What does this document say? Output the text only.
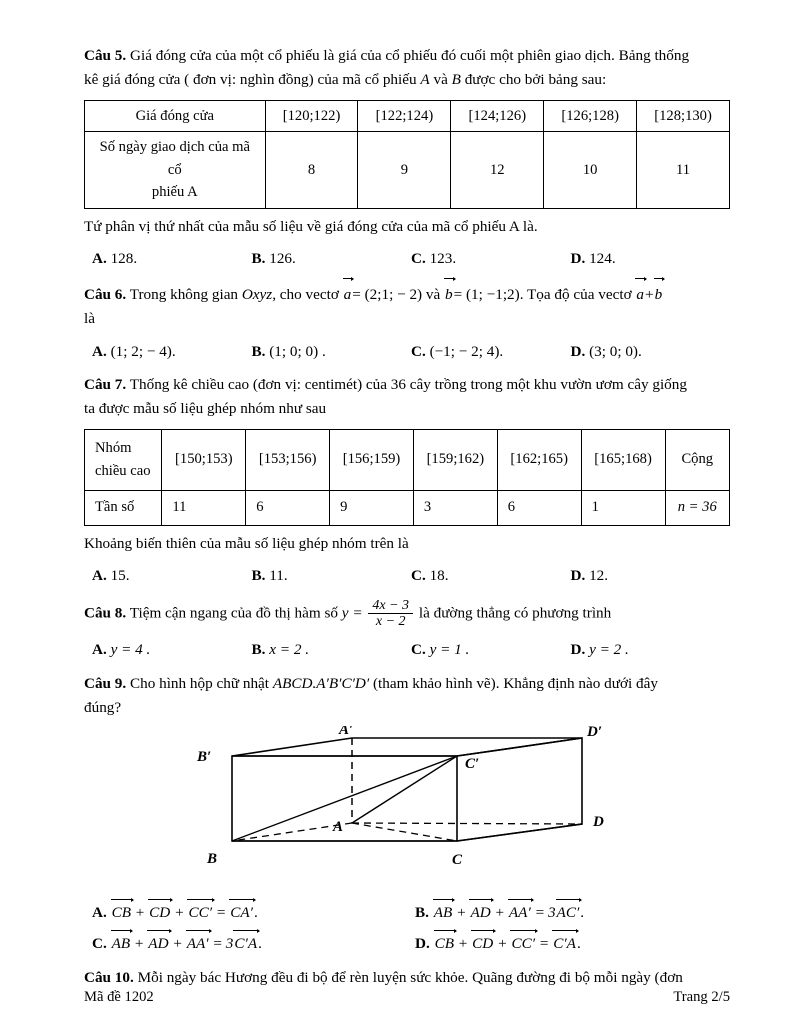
Câu 5. Giá đóng cửa của một cổ phiếu là giá của cổ phiếu đó cuối một phiên giao dịch. Bảng thống
kê giá đóng cửa ( đơn vị: nghìn đồng) của mã cổ phiếu A và B được cho bởi bảng sau:
Giá đóng cửa	[120;122)	[122;124)	[124;126)	[126;128)	[128;130)
Số ngày giao dịch của mã cổ
phiếu A	8	9	12	10	11
Tứ phân vị thứ nhất của mẫu số liệu về giá đóng cửa của mã cổ phiếu A là.
A. 128.	B. 126.	C. 123.	D. 124.
Câu 6. Trong không gian Oxyz, cho vectơ a= (2;1; − 2) và b= (1; −1;2). Tọa độ của vectơ a+b
là
A. (1; 2; − 4).	B. (1; 0; 0) .	C. (−1; − 2; 4).	D. (3; 0; 0).
Câu 7. Thống kê chiều cao (đơn vị: centimét) của 36 cây trồng trong một khu vườn ươm cây giống
ta được mẫu số liệu ghép nhóm như sau
Nhóm
chiều cao	[150;153)	[153;156)	[156;159)	[159;162)	[162;165)	[165;168)	Cộng
Tần số	11	6	9	3	6	1	n = 36
Khoảng biến thiên của mẫu số liệu ghép nhóm trên là
A. 15.	B. 11.	C. 18.	D. 12.
Câu 8. Tiệm cận ngang của đồ thị hàm số $y = \frac{4x - 3}{x - 2}$ là đường thẳng có phương trình
A. y = 4 .	B. x = 2 .	C. y = 1 .	D. y = 2 .
Câu 9. Cho hình hộp chữ nhật ABCD.A′B′C′D′ (tham khảo hình vẽ). Khẳng định nào dưới đây
đúng?
A′	D′
B′	C′
A	D
B	C
A. CB + CD + CC′ = CA′.	B. AB + AD + AA′ = 3AC′.
C. AB + AD + AA′ = 3C′A.	D. CB + CD + CC′ = C′A.
Câu 10. Mỗi ngày bác Hương đều đi bộ để rèn luyện sức khỏe. Quãng đường đi bộ mỗi ngày (đơn
Mã đề 1202	Trang 2/5
